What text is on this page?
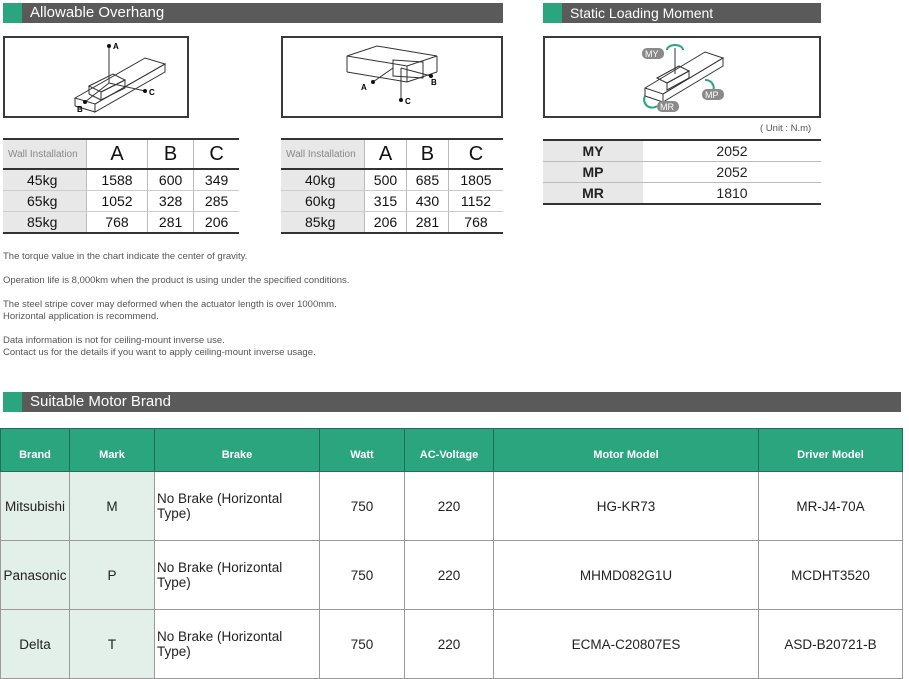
Allowable Overhang	Static Loading Moment
A
B
C
A
B
C
MY
MP
MR
( Unit : N.m)
Wall Installation	A	B	C
45kg	1588	600	349
65kg	1052	328	285
85kg	768	281	206
Wall Installation	A	B	C
40kg	500	685	1805
60kg	315	430	1152
85kg	206	281	768
MY	2052
MP	2052
MR	1810
The torque value in the chart indicate the center of gravity.
Operation life is 8,000km when the product is using under the specified conditions.
The steel stripe cover may deformed when the actuator length is over 1000mm.
Horizontal application is recommend.
Data information is not for ceiling-mount inverse use.
Contact us for the details if you want to apply ceiling-mount inverse usage.
Suitable Motor Brand
Brand	Mark	Brake	Watt	AC-Voltage	Motor Model	Driver Model
Mitsubishi	M	No Brake (Horizontal Type)	750	220	HG-KR73	MR-J4-70A
Panasonic	P	No Brake (Horizontal Type)	750	220	MHMD082G1U	MCDHT3520
Delta	T	No Brake (Horizontal Type)	750	220	ECMA-C20807ES	ASD-B20721-B
